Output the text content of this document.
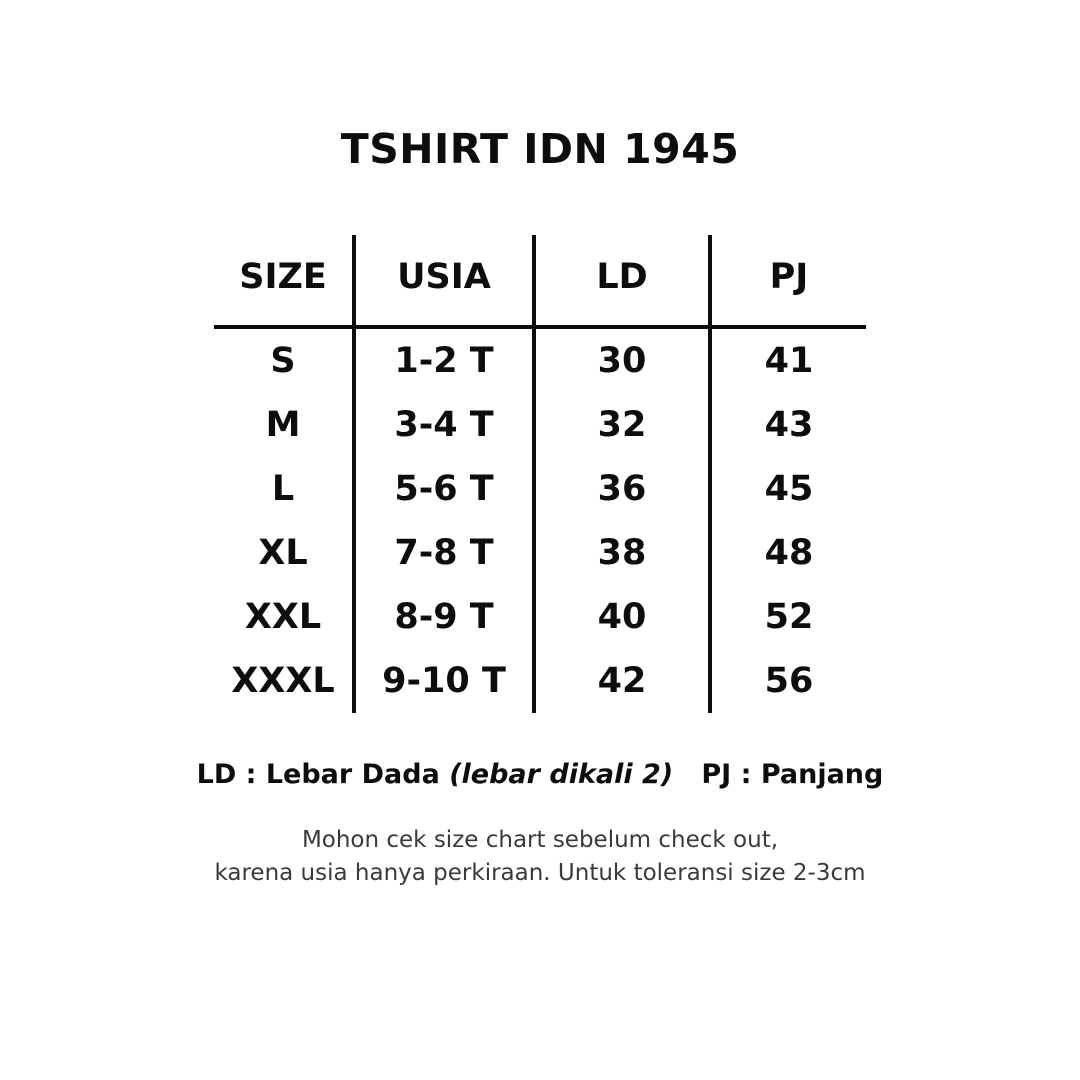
TSHIRT IDN 1945
SIZE	USIA	LD	PJ
S	1-2 T	30	41
M	3-4 T	32	43
L	5-6 T	36	45
XL	7-8 T	38	48
XXL	8-9 T	40	52
XXXL	9-10 T	42	56
LD : Lebar Dada (lebar dikali 2) PJ : Panjang
Mohon cek size chart sebelum check out,
karena usia hanya perkiraan. Untuk toleransi size 2-3cm
